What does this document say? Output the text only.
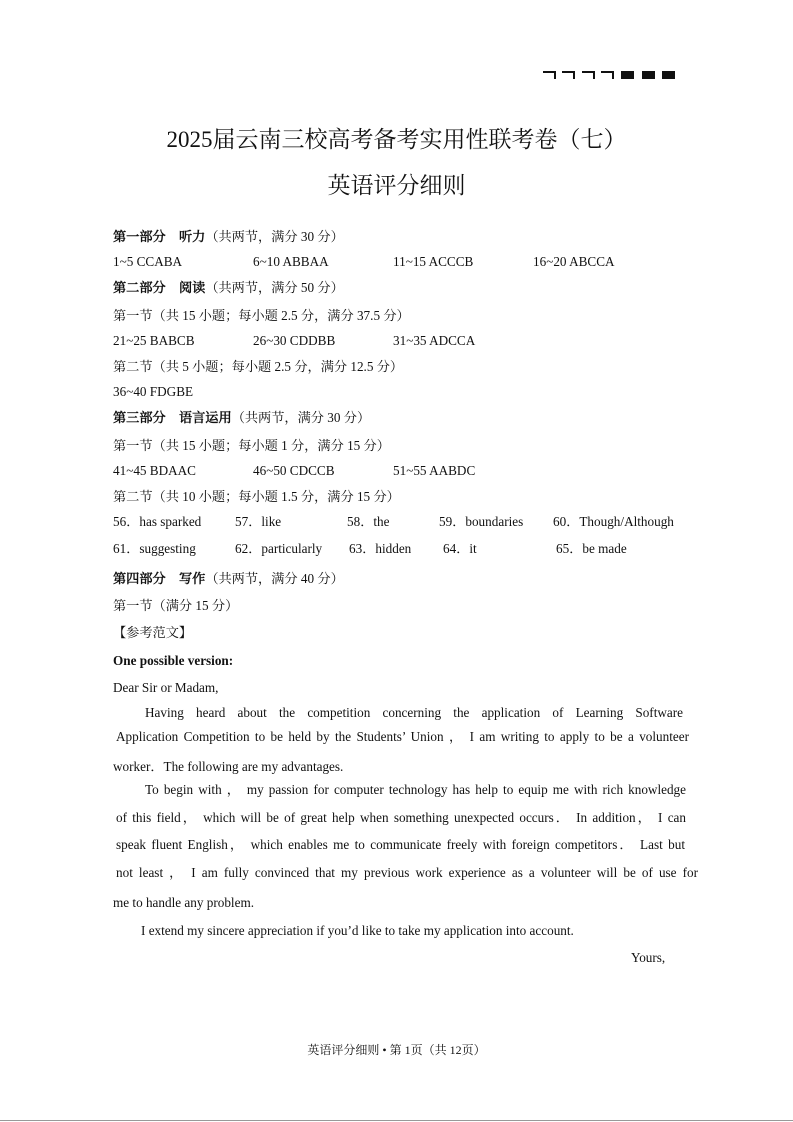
2025届云南三校高考备考实用性联考卷（七）
英语评分细则
第一部分 听力（共两节，满分 30 分）
1~5 CCABA	6~10 ABBAA	11~15 ACCCB	16~20 ABCCA
第二部分 阅读（共两节，满分 50 分）
第一节（共 15 小题；每小题 2.5 分，满分 37.5 分）
21~25 BABCB	26~30 CDDBB	31~35 ADCCA
第二节（共 5 小题；每小题 2.5 分，满分 12.5 分）
36~40 FDGBE
第三部分 语言运用（共两节，满分 30 分）
第一节（共 15 小题；每小题 1 分，满分 15 分）
41~45 BDAAC	46~50 CDCCB	51~55 AABDC
第二节（共 10 小题；每小题 1.5 分，满分 15 分）
56．has sparked	57．like	58．the	59．boundaries 60．Though/Although
61．suggesting	62．particularly 63．hidden 64．it	65．be made
第四部分 写作（共两节，满分 40 分）
第一节（满分 15 分）
【参考范文】
One possible version:
Dear Sir or Madam,
Having heard about the competition concerning the application of Learning Software
Application Competition to be held by the Students’ Union ， I am writing to apply to be a volunteer
worker．The following are my advantages.
To begin with ， my passion for computer technology has help to equip me with rich knowledge
of this field， which will be of great help when something unexpected occurs． In addition， I can
speak fluent English， which enables me to communicate freely with foreign competitors． Last but
not least ， I am fully convinced that my previous work experience as a volunteer will be of use for
me to handle any problem.
I extend my sincere appreciation if you’d like to take my application into account.
Yours,
英语评分细则 • 第 1页（共 12页）
